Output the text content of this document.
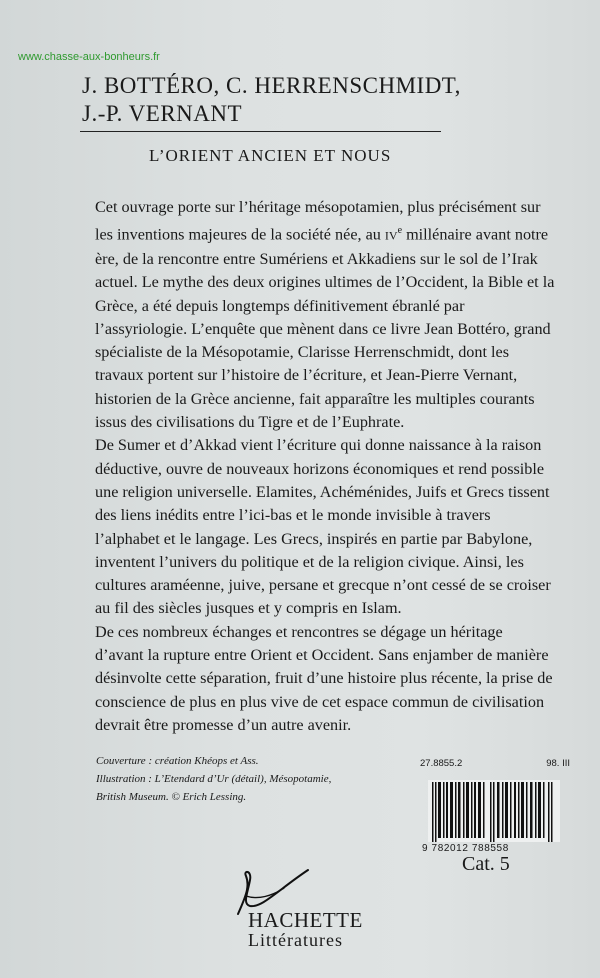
www.chasse-aux-bonheurs.fr
J. BOTTÉRO, C. HERRENSCHMIDT,
J.-P. VERNANT
L’ORIENT ANCIEN ET NOUS

Cet ouvrage porte sur l’héritage mésopotamien, plus précisément sur les inventions majeures de la société née, au IVe millénaire avant notre ère, de la rencontre entre Sumériens et Akkadiens sur le sol de l’Irak actuel. Le mythe des deux origines ultimes de l’Occident, la Bible et la Grèce, a été depuis longtemps définitivement ébranlé par l’assyriologie. L’enquête que mènent dans ce livre Jean Bottéro, grand spécialiste de la Mésopotamie, Clarisse Herrenschmidt, dont les travaux portent sur l’histoire de l’écriture, et Jean-Pierre Vernant, historien de la Grèce ancienne, fait apparaître les multiples courants issus des civilisations du Tigre et de l’Euphrate.

De Sumer et d’Akkad vient l’écriture qui donne naissance à la raison déductive, ouvre de nouveaux horizons économiques et rend possible une religion universelle. Elamites, Achéménides, Juifs et Grecs tissent des liens inédits entre l’ici-bas et le monde invisible à travers l’alphabet et le langage. Les Grecs, inspirés en partie par Babylone, inventent l’univers du politique et de la religion civique. Ainsi, les cultures araméenne, juive, persane et grecque n’ont cessé de se croiser au fil des siècles jusques et y compris en Islam.

De ces nombreux échanges et rencontres se dégage un héritage d’avant la rupture entre Orient et Occident. Sans enjamber de manière désinvolte cette séparation, fruit d’une histoire plus récente, la prise de conscience de plus en plus vive de cet espace commun de civilisation devrait être promesse d’un autre avenir.

Couverture : création Khéops et Ass.
Illustration : L’Etendard d’Ur (détail), Mésopotamie,
British Museum. © Erich Lessing.
27.8855.2	98. III
9 782012 788558
Cat. 5
HACHETTE
Littératures
